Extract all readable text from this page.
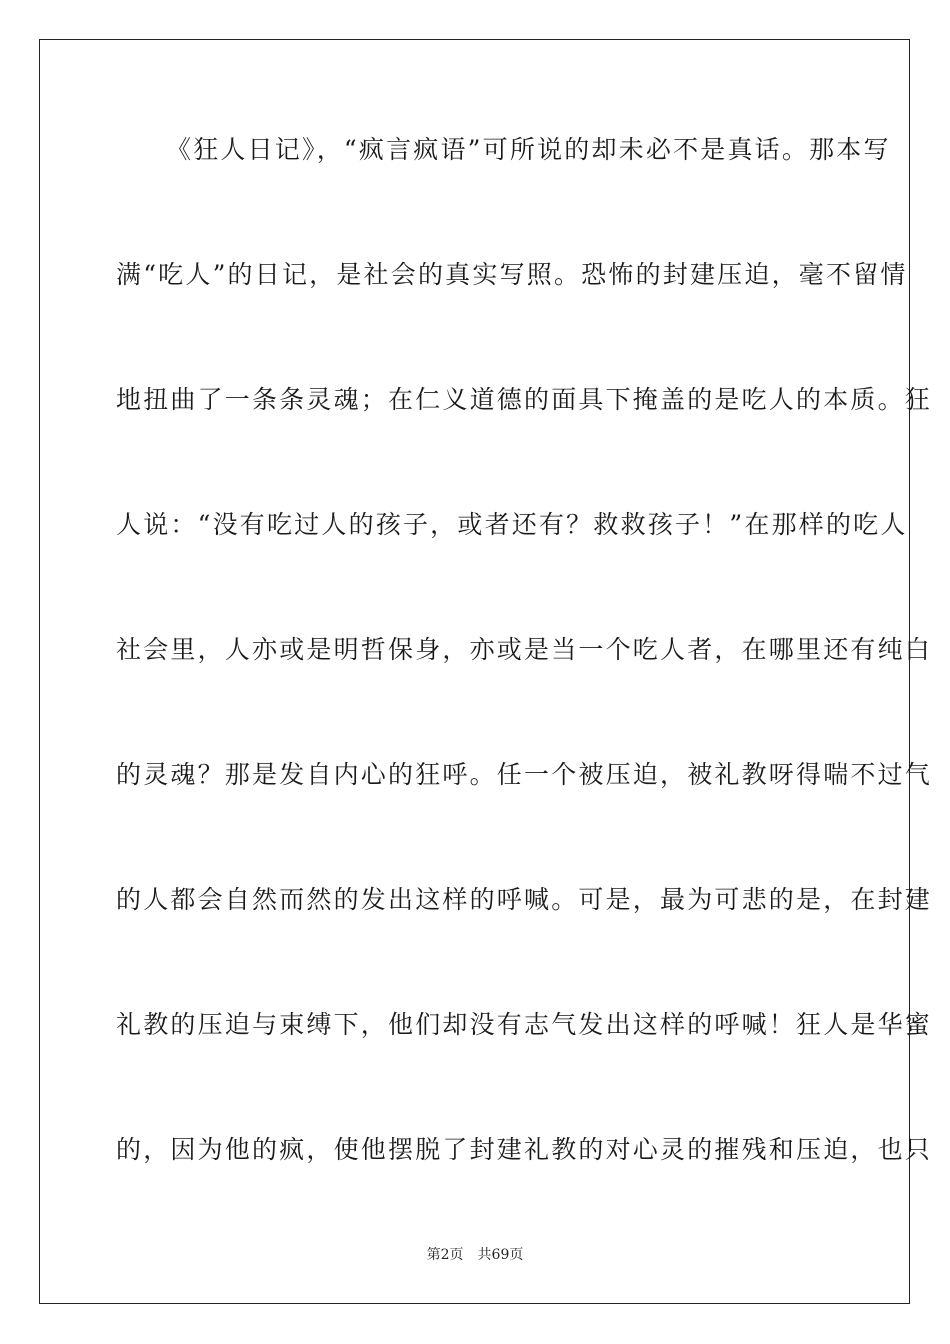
《狂人日记》，“疯言疯语”可所说的却未必不是真话。那本写
满“吃人”的日记，是社会的真实写照。恐怖的封建压迫，毫不留情
地扭曲了一条条灵魂；在仁义道德的面具下掩盖的是吃人的本质。狂
人说：“没有吃过人的孩子，或者还有？救救孩子！”在那样的吃人
社会里，人亦或是明哲保身，亦或是当一个吃人者，在哪里还有纯白
的灵魂？那是发自内心的狂呼。任一个被压迫，被礼教呀得喘不过气
的人都会自然而然的发出这样的呼喊。可是，最为可悲的是，在封建
礼教的压迫与束缚下，他们却没有志气发出这样的呼喊！狂人是华蜜
的，因为他的疯，使他摆脱了封建礼教的对心灵的摧残和压迫，也只
第2页 共69页
